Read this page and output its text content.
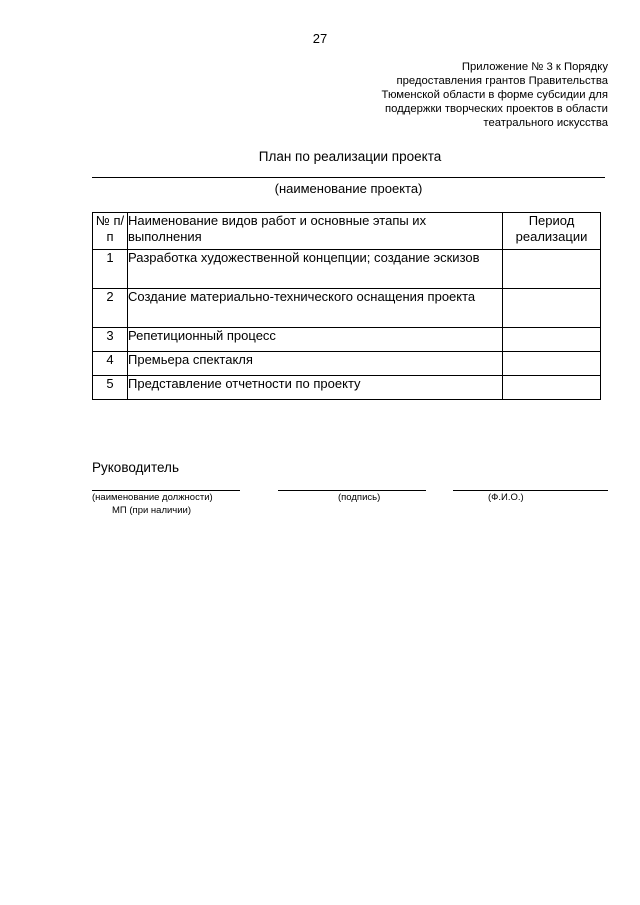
27
Приложение № 3 к Порядку
предоставления грантов Правительства
Тюменской области в форме субсидии для
поддержки творческих проектов в области
театрального искусства
План по реализации проекта
(наименование проекта)
№ п/п	Наименование видов работ и основные этапы их выполнения	Период реализации
1	Разработка художественной концепции; создание эскизов	
2	Создание материально-технического оснащения проекта	
3	Репетиционный процесс	
4	Премьера спектакля	
5	Представление отчетности по проекту	
Руководитель
(наименование должности)	(подпись)	(Ф.И.О.)
МП (при наличии)
